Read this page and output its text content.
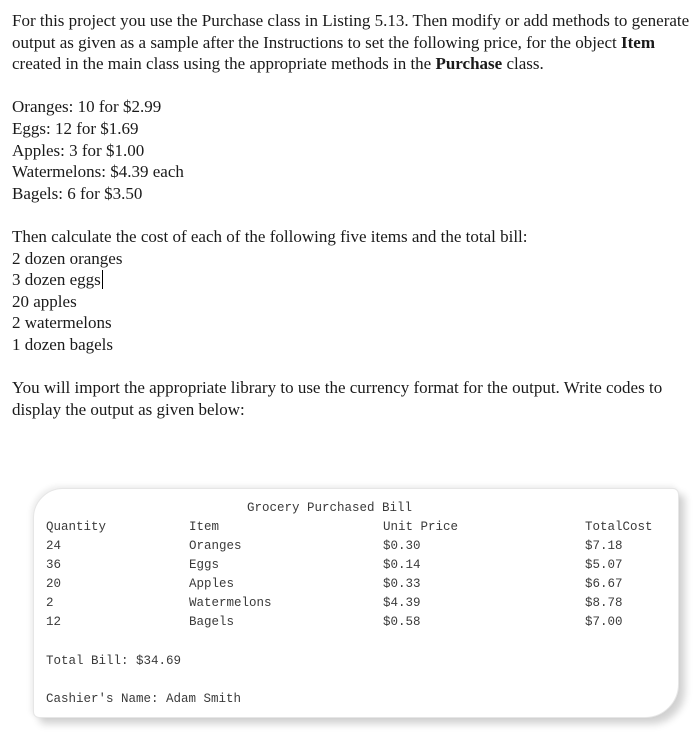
For this project you use the Purchase class in Listing 5.13. Then modify or add methods to generate output as given as a sample after the Instructions to set the following price, for the object Item created in the main class using the appropriate methods in the Purchase class.

Oranges: 10 for $2.99
Eggs: 12 for $1.69
Apples: 3 for $1.00
Watermelons: $4.39 each
Bagels: 6 for $3.50

Then calculate the cost of each of the following five items and the total bill:

2 dozen oranges
3 dozen eggs
20 apples
2 watermelons
1 dozen bagels

You will import the appropriate library to use the currency format for the output. Write codes to display the output as given below:

Grocery Purchased Bill
Quantity	Item	Unit Price	TotalCost
24	Oranges	$0.30	$7.18
36	Eggs	$0.14	$5.07
20	Apples	$0.33	$6.67
2	Watermelons	$4.39	$8.78
12	Bagels	$0.58	$7.00
Total Bill: $34.69
Cashier's Name: Adam Smith
